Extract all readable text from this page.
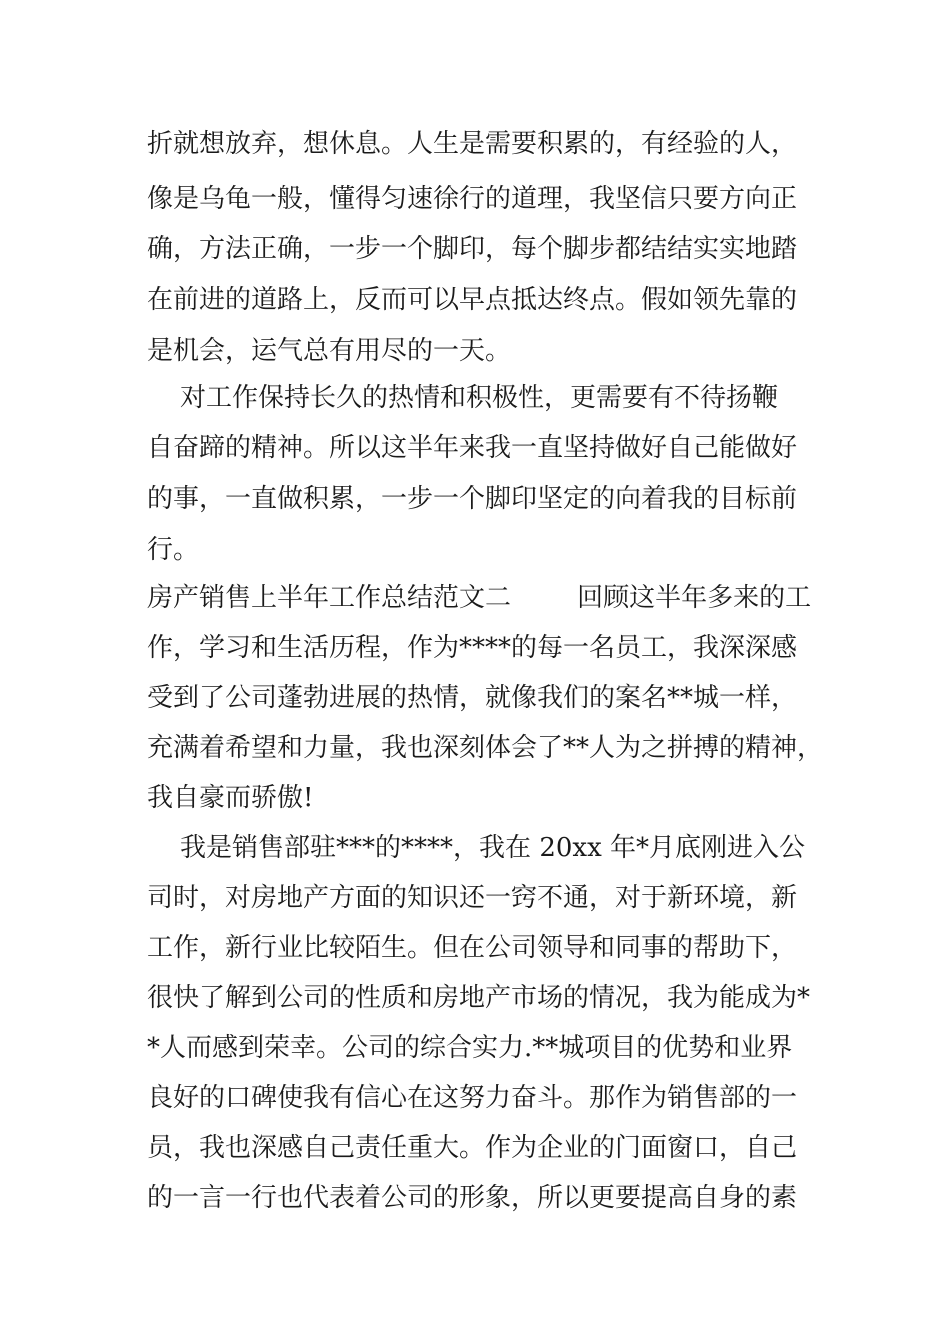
折就想放弃，想休息。人生是需要积累的，有经验的人，
像是乌龟一般，懂得匀速徐行的道理，我坚信只要方向正
确，方法正确，一步一个脚印，每个脚步都结结实实地踏
在前进的道路上，反而可以早点抵达终点。假如领先靠的
是机会，运气总有用尽的一天。
对工作保持长久的热情和积极性，更需要有不待扬鞭
自奋蹄的精神。所以这半年来我一直坚持做好自己能做好
的事，一直做积累，一步一个脚印坚定的向着我的目标前
行。
房产销售上半年工作总结范文二        回顾这半年多来的工
作，学习和生活历程，作为****的每一名员工，我深深感
受到了公司蓬勃进展的热情，就像我们的案名**城一样，
充满着希望和力量，我也深刻体会了**人为之拼搏的精神，
我自豪而骄傲!
我是销售部驻***的****，我在 20xx 年*月底刚进入公
司时，对房地产方面的知识还一窍不通，对于新环境，新
工作，新行业比较陌生。但在公司领导和同事的帮助下，
很快了解到公司的性质和房地产市场的情况，我为能成为*
*人而感到荣幸。公司的综合实力.**城项目的优势和业界
良好的口碑使我有信心在这努力奋斗。那作为销售部的一
员，我也深感自己责任重大。作为企业的门面窗口，自己
的一言一行也代表着公司的形象，所以更要提高自身的素
